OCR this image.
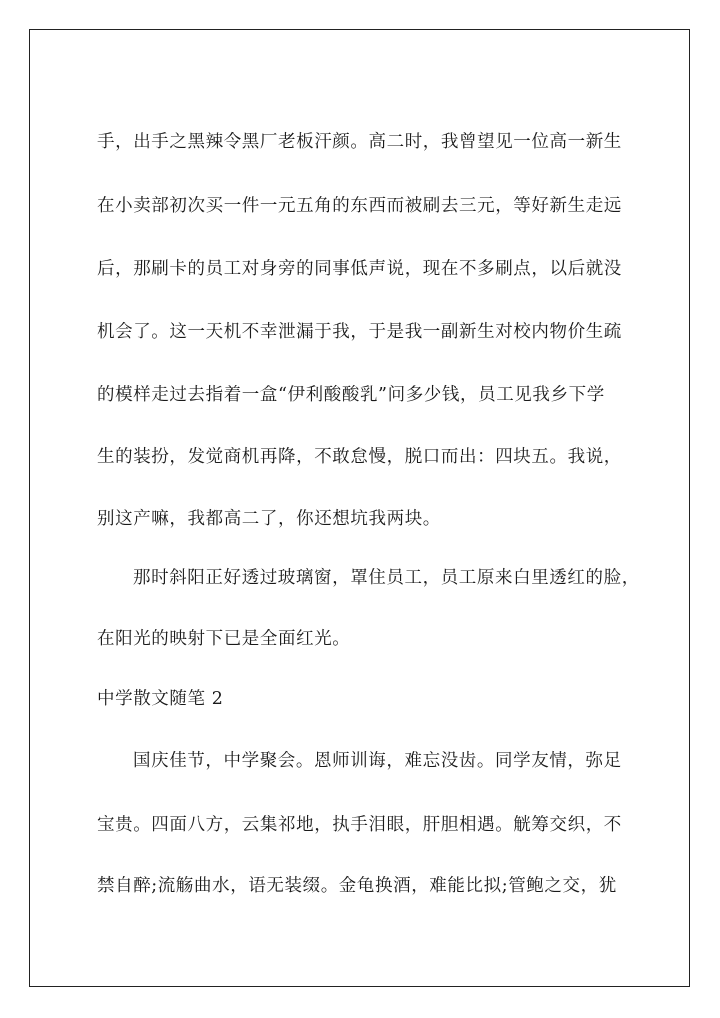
手，出手之黑辣令黑厂老板汗颜。高二时，我曾望见一位高一新生
在小卖部初次买一件一元五角的东西而被刷去三元，等好新生走远
后，那刷卡的员工对身旁的同事低声说，现在不多刷点，以后就没
机会了。这一天机不幸泄漏于我，于是我一副新生对校内物价生疏
的模样走过去指着一盒“伊利酸酸乳”问多少钱，员工见我乡下学
生的装扮，发觉商机再降，不敢怠慢，脱口而出：四块五。我说，
别这产嘛，我都高二了，你还想坑我两块。
那时斜阳正好透过玻璃窗，罩住员工，员工原来白里透红的脸，
在阳光的映射下已是全面红光。
中学散文随笔 2
国庆佳节，中学聚会。恩师训诲，难忘没齿。同学友情，弥足
宝贵。四面八方，云集祁地，执手泪眼，肝胆相遇。觥筹交织，不
禁自醉;流觞曲水，语无装缀。金龟换酒，难能比拟;管鲍之交，犹
